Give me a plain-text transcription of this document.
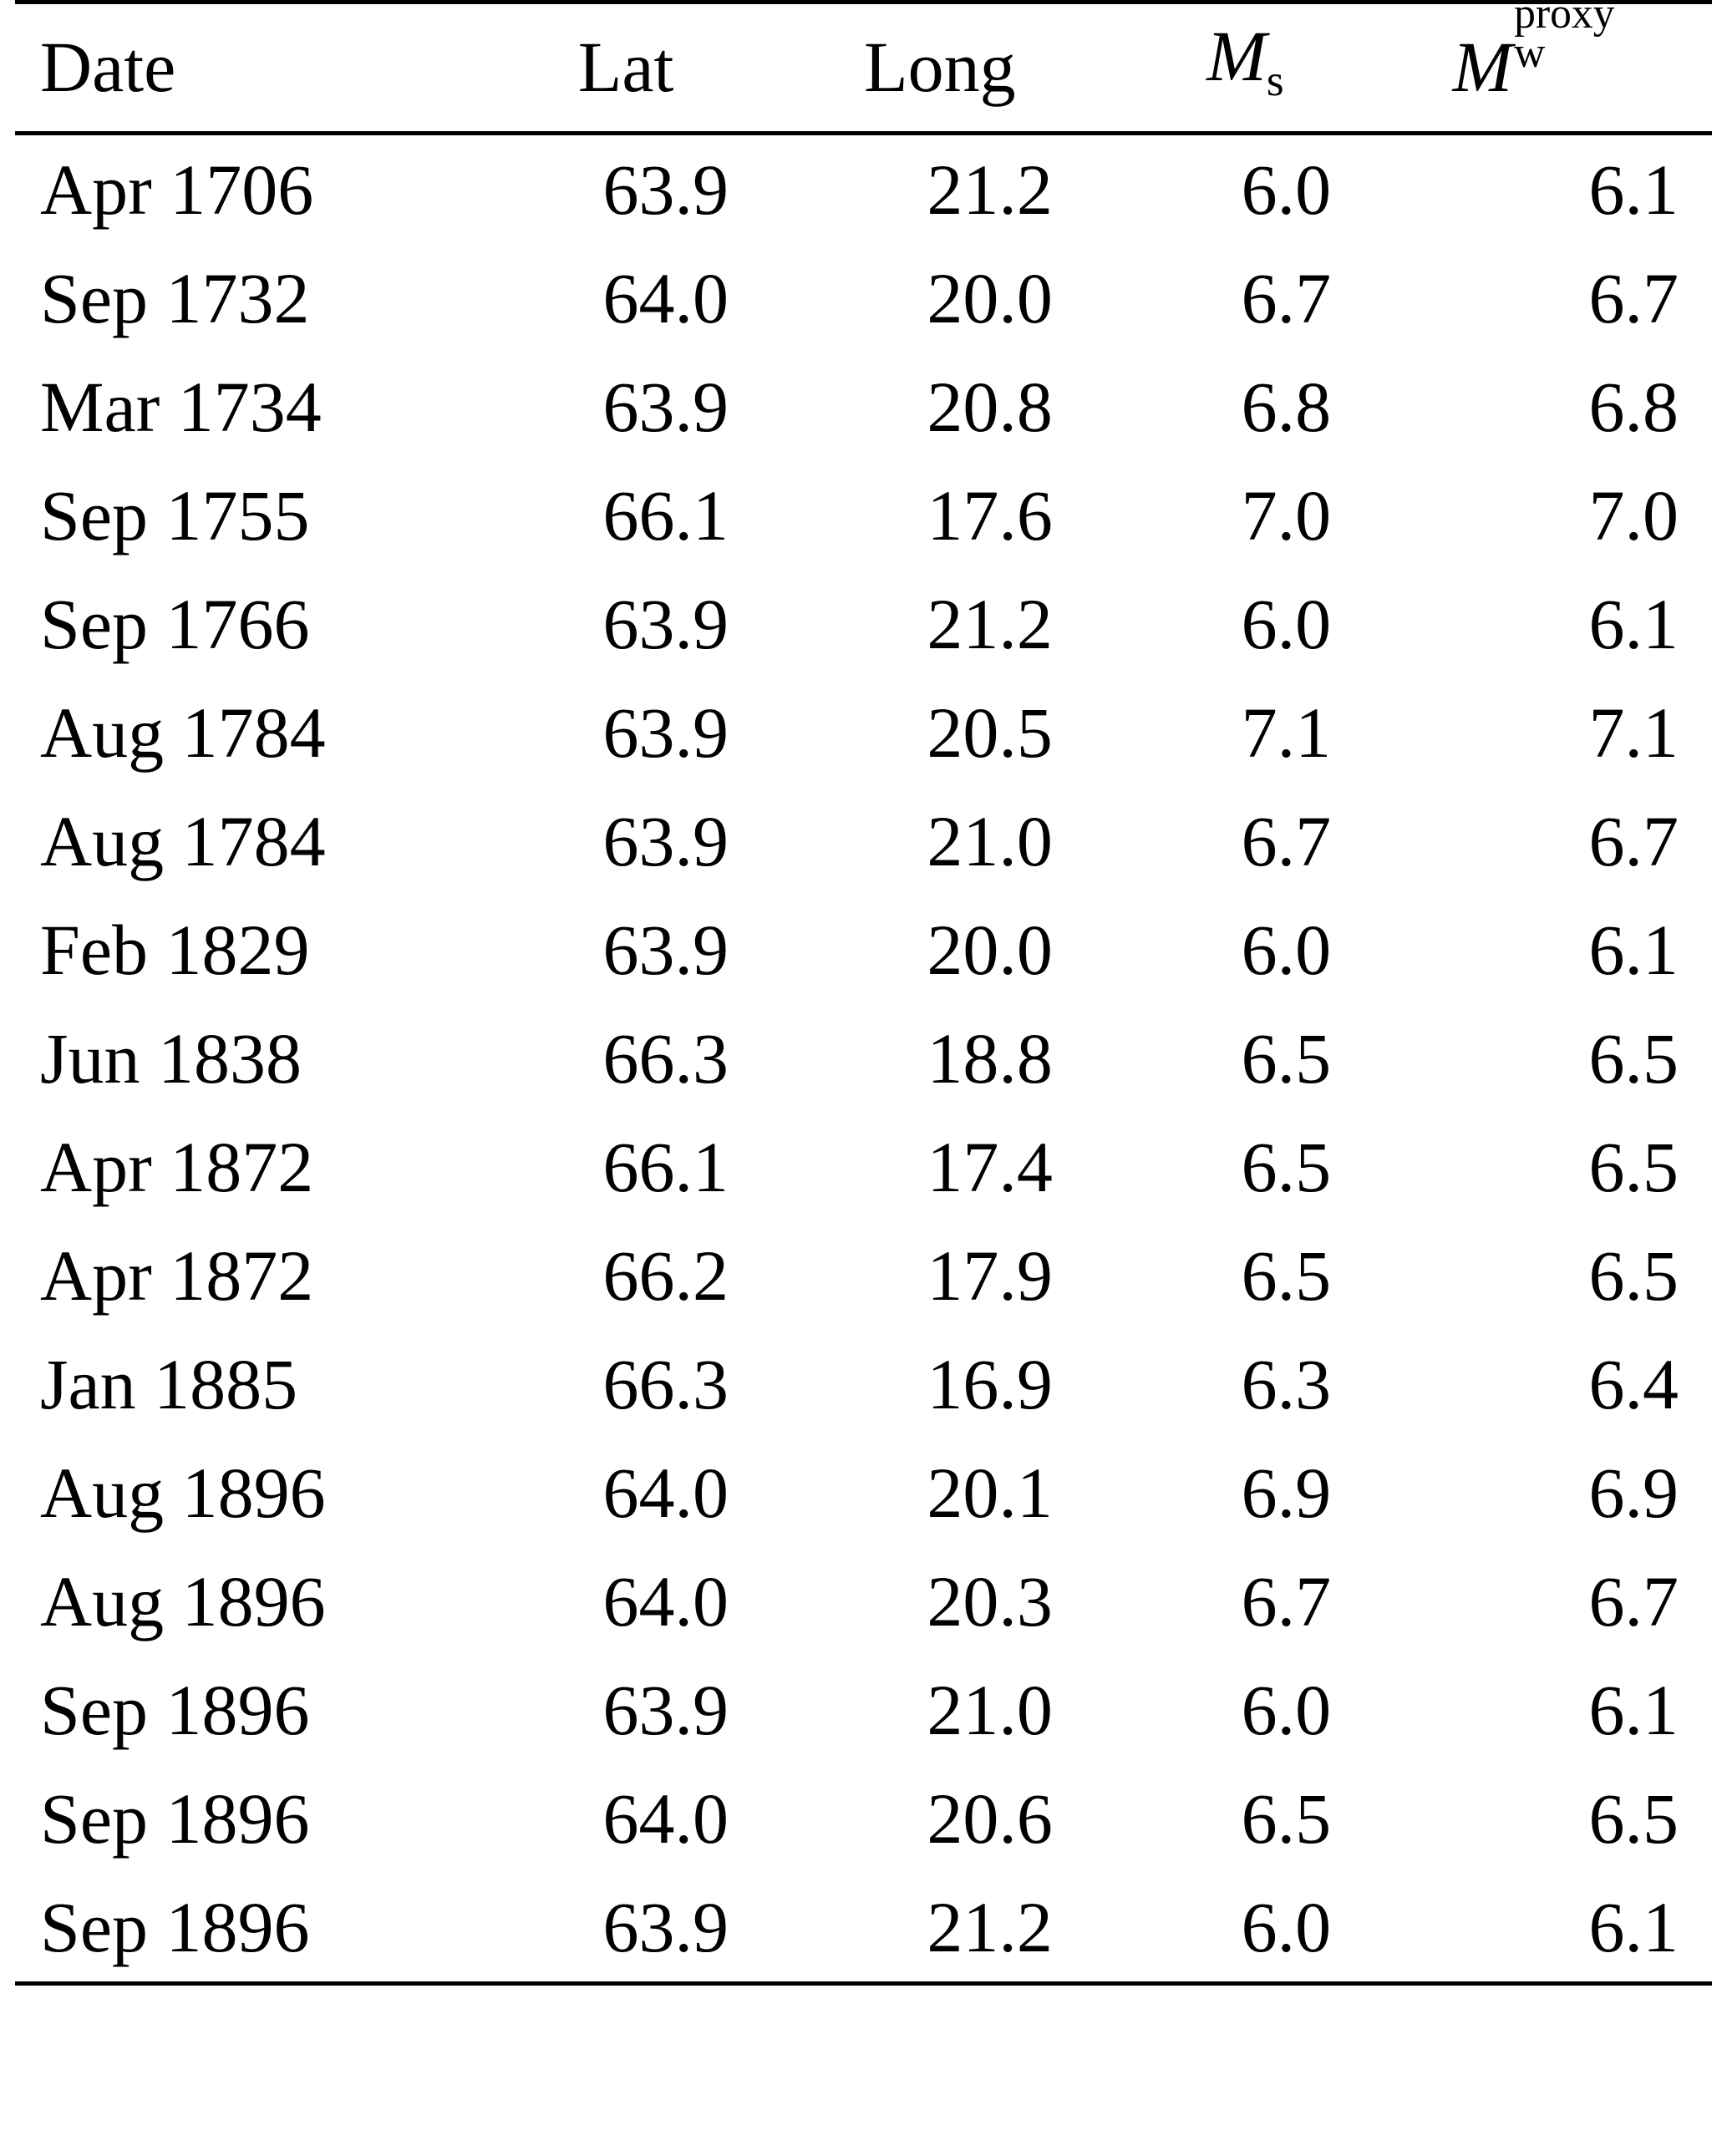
Date	Lat	Long	$M_s$	M
proxy
w

Apr 1706	63.9	21.2	6.0	6.1
Sep 1732	64.0	20.0	6.7	6.7
Mar 1734	63.9	20.8	6.8	6.8
Sep 1755	66.1	17.6	7.0	7.0
Sep 1766	63.9	21.2	6.0	6.1
Aug 1784	63.9	20.5	7.1	7.1
Aug 1784	63.9	21.0	6.7	6.7
Feb 1829	63.9	20.0	6.0	6.1
Jun 1838	66.3	18.8	6.5	6.5
Apr 1872	66.1	17.4	6.5	6.5
Apr 1872	66.2	17.9	6.5	6.5
Jan 1885	66.3	16.9	6.3	6.4
Aug 1896	64.0	20.1	6.9	6.9
Aug 1896	64.0	20.3	6.7	6.7
Sep 1896	63.9	21.0	6.0	6.1
Sep 1896	64.0	20.6	6.5	6.5
Sep 1896	63.9	21.2	6.0	6.1
